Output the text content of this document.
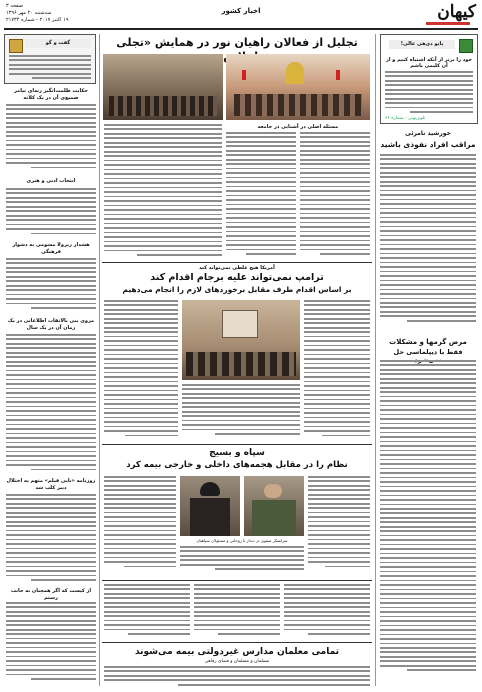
کیهان
اخبار کشور
صفحه ۳
سه‌شنبه ۲۰ مهر ۱۳۹۶
۱۹ اکتبر ۲۰۱۷ - شماره ۲۱۷۳۴
پایو دی‌هی عالی!
خود را برتر از آنکه اشتباه کنیم و از آن کلیمی باشم
تلویزیونی - شماره ۶۶
خورشید نامرئی
مراقب افراد نفوذی باشید
مرض گرمها و مشکلات
فقط با دیپلماسی حل
گفت و گو
حکایت ظلمت‌انگیز زنه‌ای نیامر ضمیع‌ی آن در یک کلانه
انتخاب ادبی و هنری
هشدار زیرولا مشومی به دشوار فرهنگی
مروی بنی بالاتقاب اطلاعاتی در یک زمان آن در یک سال
زوزنامه «نایی فیلم» متهم به اختلال دبیر کلب شد
از کیست که اگر همچنان به جانب رستم
تجلیل از فعالان راهیان نور در همایش «تجلی
مسئله اصلی در آشنایی در جامعه
آمریکا هیچ غلطی نمی‌تواند کند
ترامپ نمی‌تواند علیه برجام اقدام کند
بر اساس اقدام طرف مقابل برخوردهای لازم را انجام می‌دهیم
سپاه و بسیج
نظام را در مقابل هجمه‌های داخلی و خارجی بیمه کرد
سرلشکر صفوی در دیدار با روحانی و مسئولان سپاهیان
تمامی معلمان مدارس غیردولتی بیمه می‌شوند
مسلمان و مسلمان و فضای رفاهی
